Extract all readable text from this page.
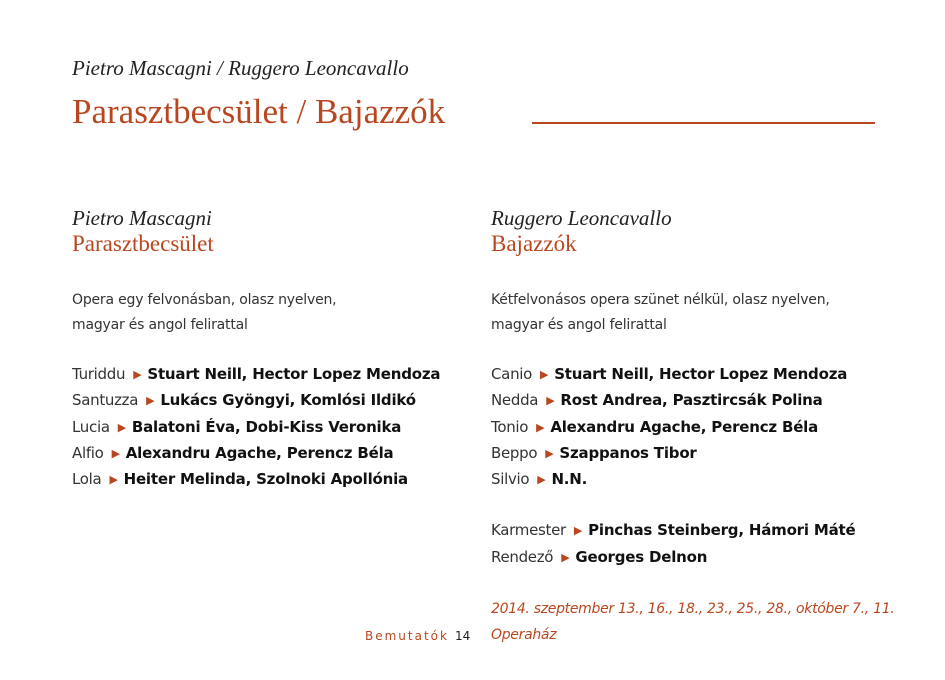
Pietro Mascagni / Ruggero Leoncavallo
Parasztbecsület / Bajazzók
Pietro Mascagni
Parasztbecsület
Opera egy felvonásban, olasz nyelven,
magyar és angol felirattal
Turiddu ▶ Stuart Neill, Hector Lopez Mendoza
Santuzza ▶ Lukács Gyöngyi, Komlósi Ildikó
Lucia ▶ Balatoni Éva, Dobi-Kiss Veronika
Alfio ▶ Alexandru Agache, Perencz Béla
Lola ▶ Heiter Melinda, Szolnoki Apollónia
Ruggero Leoncavallo
Bajazzók
Kétfelvonásos opera szünet nélkül, olasz nyelven,
magyar és angol felirattal
Canio ▶ Stuart Neill, Hector Lopez Mendoza
Nedda ▶ Rost Andrea, Pasztircsák Polina
Tonio ▶ Alexandru Agache, Perencz Béla
Beppo ▶ Szappanos Tibor
Silvio ▶ N.N.
Karmester ▶ Pinchas Steinberg, Hámori Máté
Rendező ▶ Georges Delnon
2014. szeptember 13., 16., 18., 23., 25., 28., október 7., 11.
Operaház
Bemutatók 14
